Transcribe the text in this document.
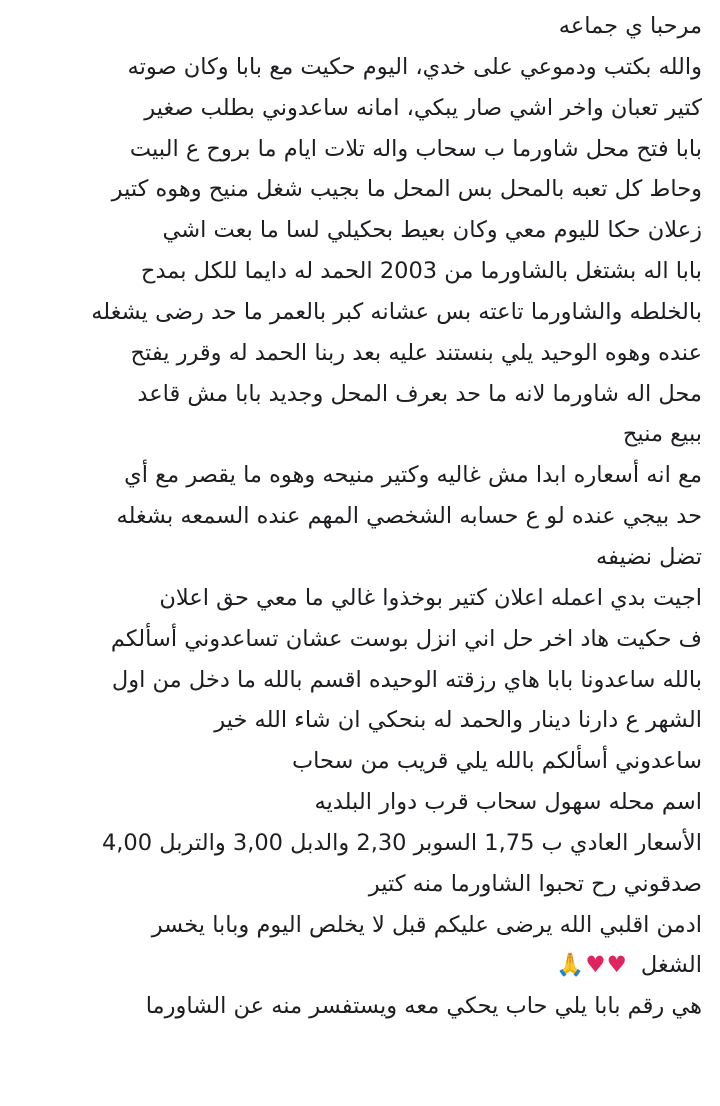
مرحبا ي جماعه
والله بكتب ودموعي على خدي، اليوم حكيت مع بابا وكان صوته
كتير تعبان واخر اشي صار يبكي، امانه ساعدوني بطلب صغير
بابا فتح محل شاورما ب سحاب واله تلات ايام ما بروح ع البيت
وحاط كل تعبه بالمحل بس المحل ما بجيب شغل منيح وهوه كتير
زعلان حكا لليوم معي وكان بعيط بحكيلي لسا ما بعت اشي
بابا اله بشتغل بالشاورما من 2003 الحمد له دايما للكل بمدح
بالخلطه والشاورما تاعته بس عشانه كبر بالعمر ما حد رضى يشغله
عنده وهوه الوحيد يلي بنستند عليه بعد ربنا الحمد له وقرر يفتح
محل اله شاورما لانه ما حد بعرف المحل وجديد بابا مش قاعد
ببيع منيح
مع انه أسعاره ابدا مش غاليه وكتير منيحه وهوه ما يقصر مع أي
حد بيجي عنده لو ع حسابه الشخصي المهم عنده السمعه بشغله
تضل نضيفه
اجيت بدي اعمله اعلان كتير بوخذوا غالي ما معي حق اعلان
ف حكيت هاد اخر حل اني انزل بوست عشان تساعدوني أسألكم
بالله ساعدونا بابا هاي رزقته الوحيده اقسم بالله ما دخل من اول
الشهر ع دارنا دينار والحمد له بنحكي ان شاء الله خير
ساعدوني أسألكم بالله يلي قريب من سحاب
اسم محله سهول سحاب قرب دوار البلديه
الأسعار العادي ب 1,75 السوبر 2,30 والدبل 3,00 والتربل 4,00
صدقوني رح تحبوا الشاورما منه كتير
ادمن اقلبي الله يرضى عليكم قبل لا يخلص اليوم وبابا يخسر
الشغل ♥♥🙏
هي رقم بابا يلي حاب يحكي معه ويستفسر منه عن الشاورما
